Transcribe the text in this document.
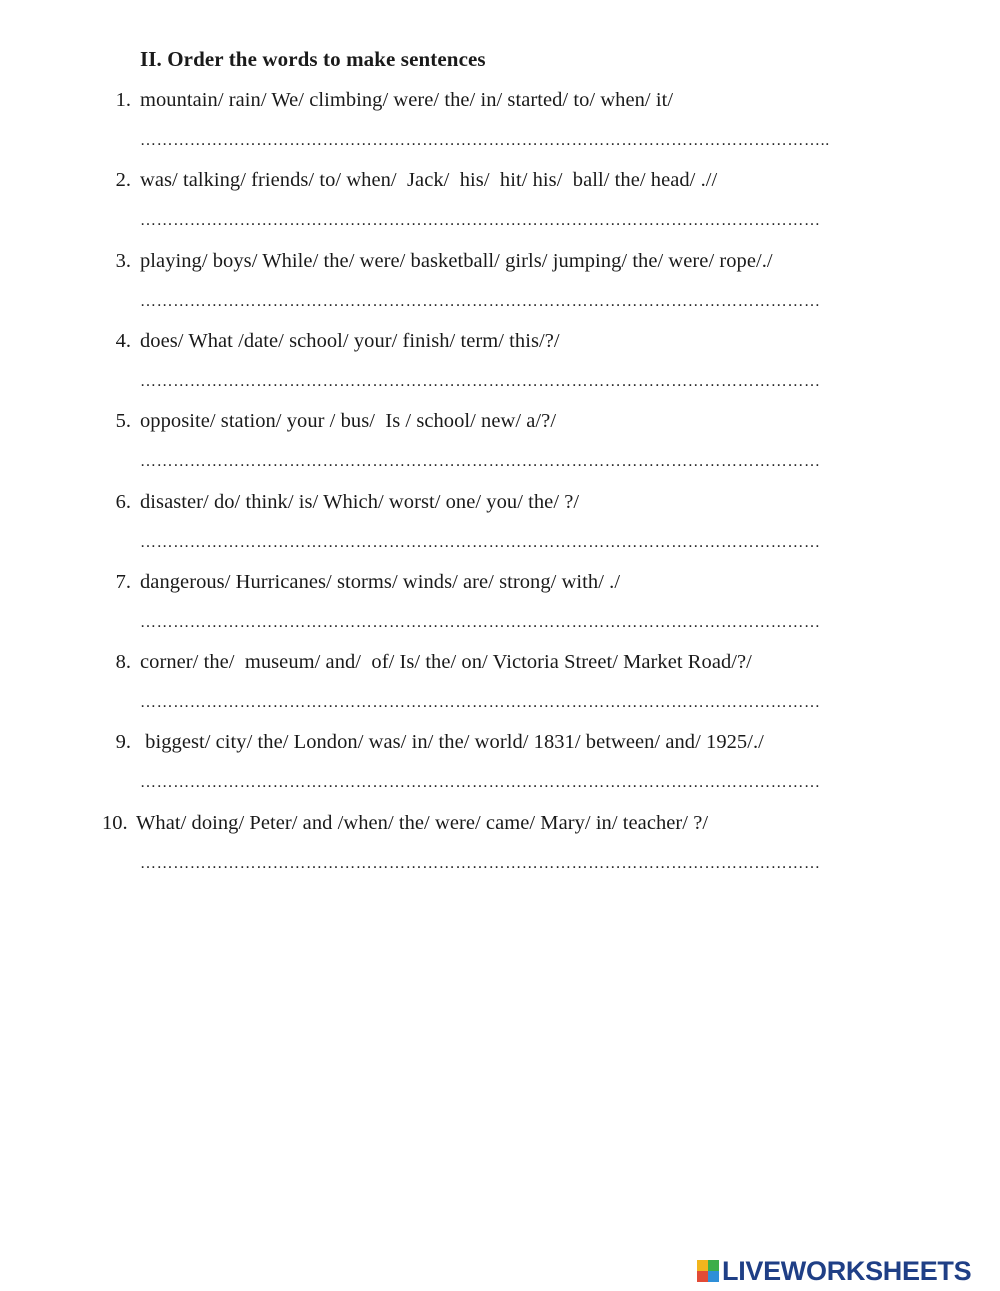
II. Order the words to make sentences
1. mountain/ rain/ We/ climbing/ were/ the/ in/ started/ to/ when/ it/
……………………………………………………………………………………………………………..
2. was/ talking/ friends/ to/ when/  Jack/  his/  hit/ his/  ball/ the/ head/ .//
……………………………………………………………………………………………………………
3. playing/ boys/ While/ the/ were/ basketball/ girls/ jumping/ the/ were/ rope/./
……………………………………………………………………………………………………………
4. does/ What /date/ school/ your/ finish/ term/ this/?/
……………………………………………………………………………………………………………
5. opposite/ station/ your / bus/  Is / school/ new/ a/?/
……………………………………………………………………………………………………………
6. disaster/ do/ think/ is/ Which/ worst/ one/ you/ the/ ?/
……………………………………………………………………………………………………………
7. dangerous/ Hurricanes/ storms/ winds/ are/ strong/ with/ ./
……………………………………………………………………………………………………………
8. corner/ the/  museum/ and/  of/ Is/ the/ on/ Victoria Street/ Market Road/?/
……………………………………………………………………………………………………………
9. biggest/ city/ the/ London/ was/ in/ the/ world/ 1831/ between/ and/ 1925/./
……………………………………………………………………………………………………………
10. What/ doing/ Peter/ and /when/ the/ were/ came/ Mary/ in/ teacher/ ?/
……………………………………………………………………………………………………………
LIVEWORKSHEETS
